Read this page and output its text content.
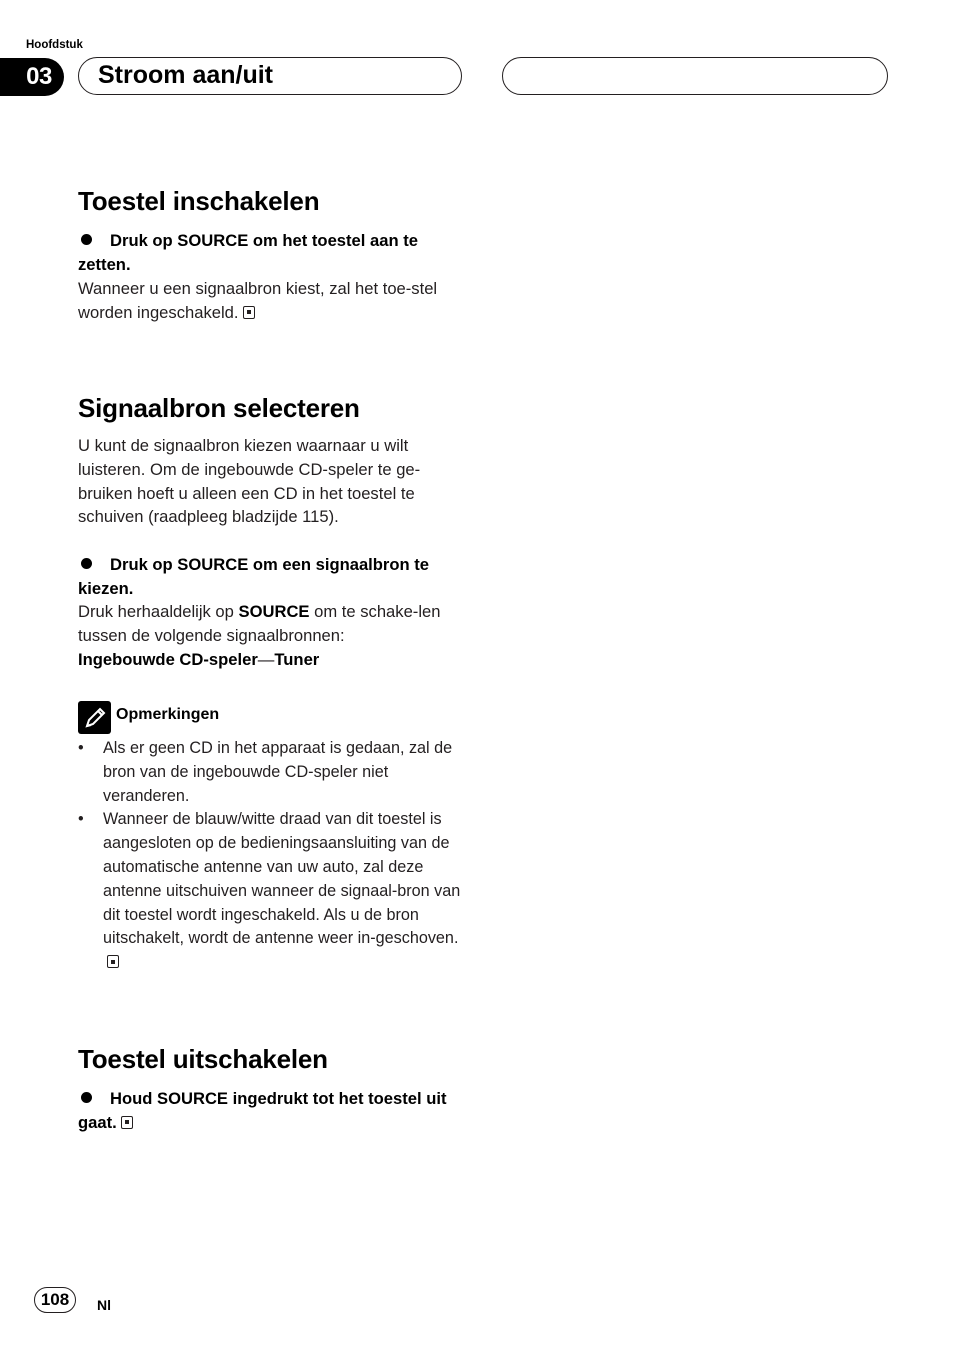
Hoofdstuk
03 Stroom aan/uit
Toestel inschakelen

Druk op SOURCE om het toestel aan te zetten.

Wanneer u een signaalbron kiest, zal het toe-stel worden ingeschakeld.

Signaalbron selecteren

U kunt de signaalbron kiezen waarnaar u wilt luisteren. Om de ingebouwde CD-speler te ge-bruiken hoeft u alleen een CD in het toestel te schuiven (raadpleeg bladzijde 115).

Druk op SOURCE om een signaalbron te kiezen.

Druk herhaaldelijk op SOURCE om te schake-len tussen de volgende signaalbronnen:
Ingebouwde CD-speler—Tuner

Opmerkingen
• Als er geen CD in het apparaat is gedaan, zal de bron van de ingebouwde CD-speler niet veranderen.
• Wanneer de blauw/witte draad van dit toestel is aangesloten op de bedieningsaansluiting van de automatische antenne van uw auto, zal deze antenne uitschuiven wanneer de signaal-bron van dit toestel wordt ingeschakeld. Als u de bron uitschakelt, wordt de antenne weer in-geschoven.
Toestel uitschakelen

Houd SOURCE ingedrukt tot het toestel uit gaat.

108	Nl
